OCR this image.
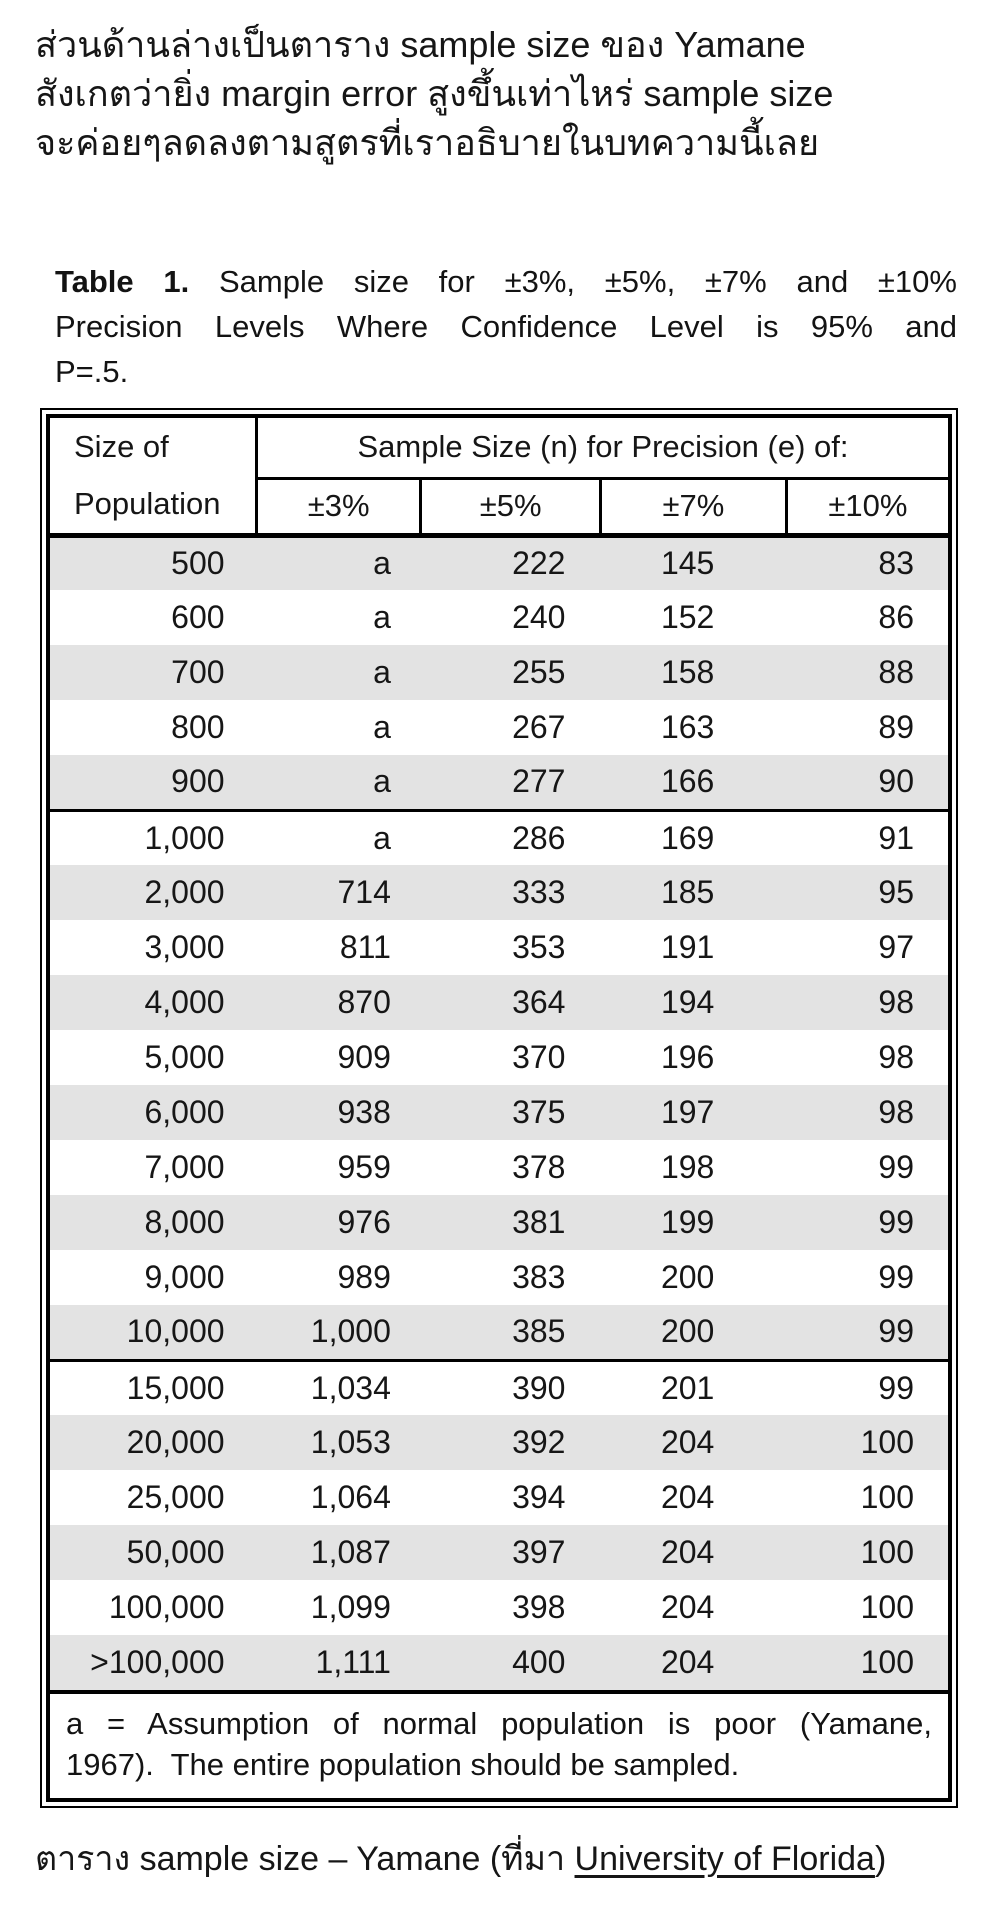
ส่วนด้านล่างเป็นตาราง sample size ของ Yamane
สังเกตว่ายิ่ง margin error สูงขึ้นเท่าไหร่ sample size
จะค่อยๆลดลงตามสูตรที่เราอธิบายในบทความนี้เลย
Table 1. Sample size for ±3%, ±5%, ±7% and ±10%
Precision Levels Where Confidence Level is 95% and
P=.5.
Size of
Population	Sample Size (n) for Precision (e) of:			
	±3%	±5%	±7%	±10%
500	a	222	145	83
600	a	240	152	86
700	a	255	158	88
800	a	267	163	89
900	a	277	166	90
1,000	a	286	169	91
2,000	714	333	185	95
3,000	811	353	191	97
4,000	870	364	194	98
5,000	909	370	196	98
6,000	938	375	197	98
7,000	959	378	198	99
8,000	976	381	199	99
9,000	989	383	200	99
10,000	1,000	385	200	99
15,000	1,034	390	201	99
20,000	1,053	392	204	100
25,000	1,064	394	204	100
50,000	1,087	397	204	100
100,000	1,099	398	204	100
>100,000	1,111	400	204	100
a = Assumption of normal population is poor (Yamane,
1967).  The entire population should be sampled.
ตาราง sample size – Yamane (ที่มา University of Florida)
